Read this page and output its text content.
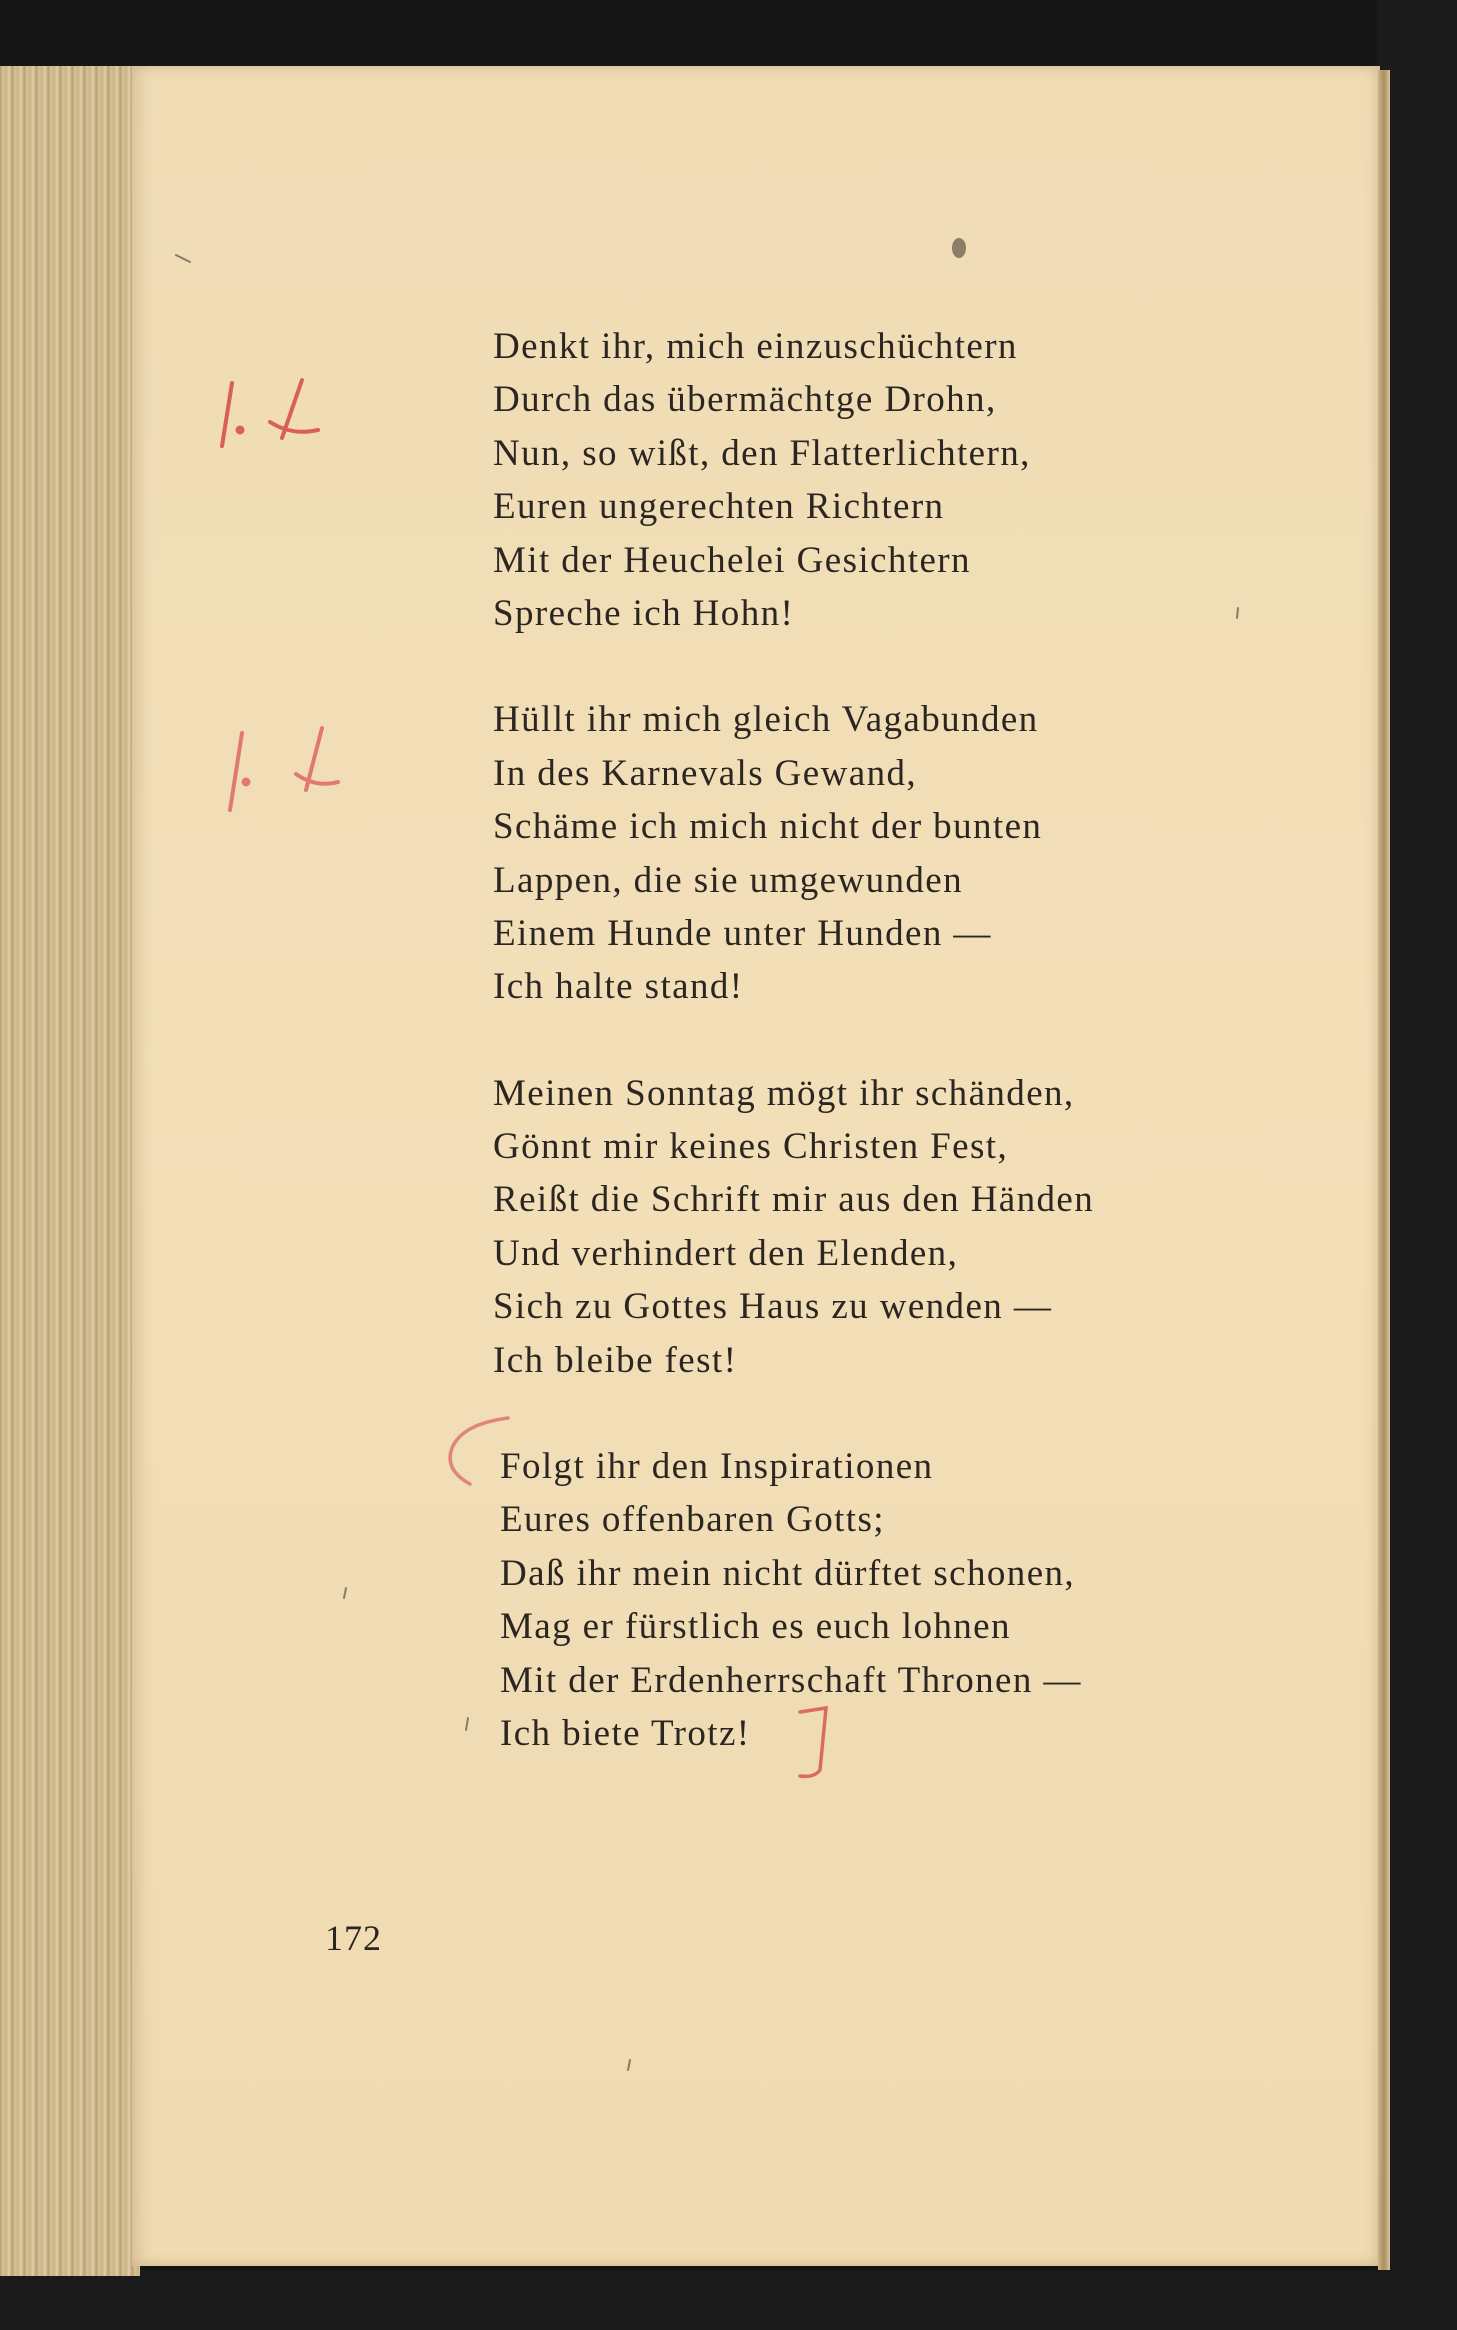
Denkt ihr, mich einzuschüchtern
Durch das übermächtge Drohn,
Nun, so wißt, den Flatterlichtern,
Euren ungerechten Richtern
Mit der Heuchelei Gesichtern
Spreche ich Hohn!
Hüllt ihr mich gleich Vagabunden
In des Karnevals Gewand,
Schäme ich mich nicht der bunten
Lappen, die sie umgewunden
Einem Hunde unter Hunden —
Ich halte stand!
Meinen Sonntag mögt ihr schänden,
Gönnt mir keines Christen Fest,
Reißt die Schrift mir aus den Händen
Und verhindert den Elenden,
Sich zu Gottes Haus zu wenden —
Ich bleibe fest!
Folgt ihr den Inspirationen
Eures offenbaren Gotts;
Daß ihr mein nicht dürftet schonen,
Mag er fürstlich es euch lohnen
Mit der Erdenherrschaft Thronen —
Ich biete Trotz!
172
